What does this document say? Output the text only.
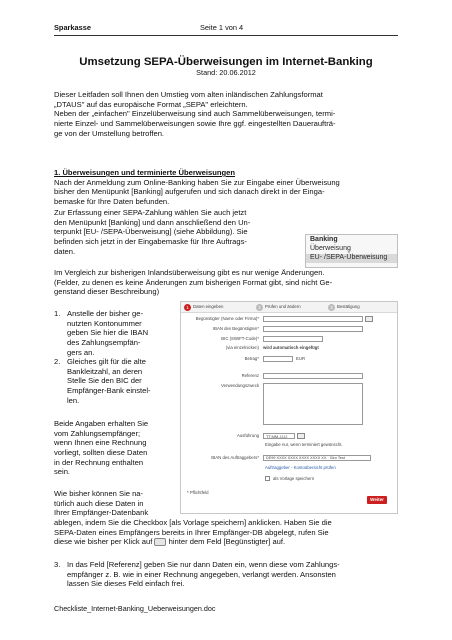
Sparkasse	Seite 1 von 4
Umsetzung SEPA-Überweisungen im Internet-Banking
Stand: 20.06.2012
Dieser Leitfaden soll Ihnen den Umstieg vom alten inländischen Zahlungsformat
„DTAUS" auf das europäische Format „SEPA" erleichtern.
Neben der „einfachen" Einzelüberweisung sind auch Sammelüberweisungen, termi-
nierte Einzel- und Sammelüberweisungen sowie Ihre ggf. eingestellten Daueraufträ-
ge von der Umstellung betroffen.
1. Überweisungen und terminierte Überweisungen
Nach der Anmeldung zum Online-Banking haben Sie zur Eingabe einer Überweisung
bisher den Menüpunkt [Banking] aufgerufen und sich danach direkt in der Einga-
bemaske für Ihre Daten befunden.
Zur Erfassung einer SEPA-Zahlung wählen Sie auch jetzt
den Menüpunkt [Banking] und dann anschließend den Un-
terpunkt [EU- /SEPA-Überweisung] (siehe Abbildung). Sie
befinden sich jetzt in der Eingabemaske für Ihre Auftrags-
daten.
Banking
Überweisung
EU- /SEPA-Überweisung
Im Vergleich zur bisherigen Inlandsüberweisung gibt es nur wenige Änderungen.
(Felder, zu denen es keine Änderungen zum bisherigen Format gibt, sind nicht Ge-
genstand dieser Beschreibung)
1. Anstelle der bisher ge-
nutzten Kontonummer
geben Sie hier die IBAN
des Zahlungsempfän-
gers an.
2. Gleiches gilt für die alte
Bankleitzahl, an deren
Stelle Sie den BIC der
Empfänger-Bank einstel-
len.
Beide Angaben erhalten Sie
vom Zahlungsempfänger;
wenn Ihnen eine Rechnung
vorliegt, sollten diese Daten
in der Rechnung enthalten
sein.
Wie bisher können Sie na-
türlich auch diese Daten in
Ihrer Empfänger-Datenbank
1 Daten eingeben	2 Prüfen und ändern	3 Bestätigung
Begünstigter (Name oder Firma)*
IBAN des Begünstigten*
BIC (SWIFT-Code)*
(via einzelnicken) wird automatisch eingefügt
Betrag*	EUR
Referenz
Verwendungszweck
Ausführung	TT.MM.JJJJ
Eingabe nur, wenn terminiert gewünscht.
IBAN des Auftraggebers*	DE99 XXXX XXXX XXXX XXXX XX · Giro Test
Auftraggeber - Kontoübersicht prüfen
als Vorlage speichern
* Pflichtfeld
Weiter
ablegen, indem Sie die Checkbox [als Vorlage speichern] anklicken. Haben Sie die
SEPA-Daten eines Empfängers bereits in Ihrer Empfänger-DB abgelegt, rufen Sie
diese wie bisher per Klick auf hinter dem Feld [Begünstigter] auf.
3. In das Feld [Referenz] geben Sie nur dann Daten ein, wenn diese vom Zahlungs-
empfänger z. B. wie in einer Rechnung angegeben, verlangt werden. Ansonsten
lassen Sie dieses Feld einfach frei.
Checkliste_Internet-Banking_Ueberweisungen.doc
